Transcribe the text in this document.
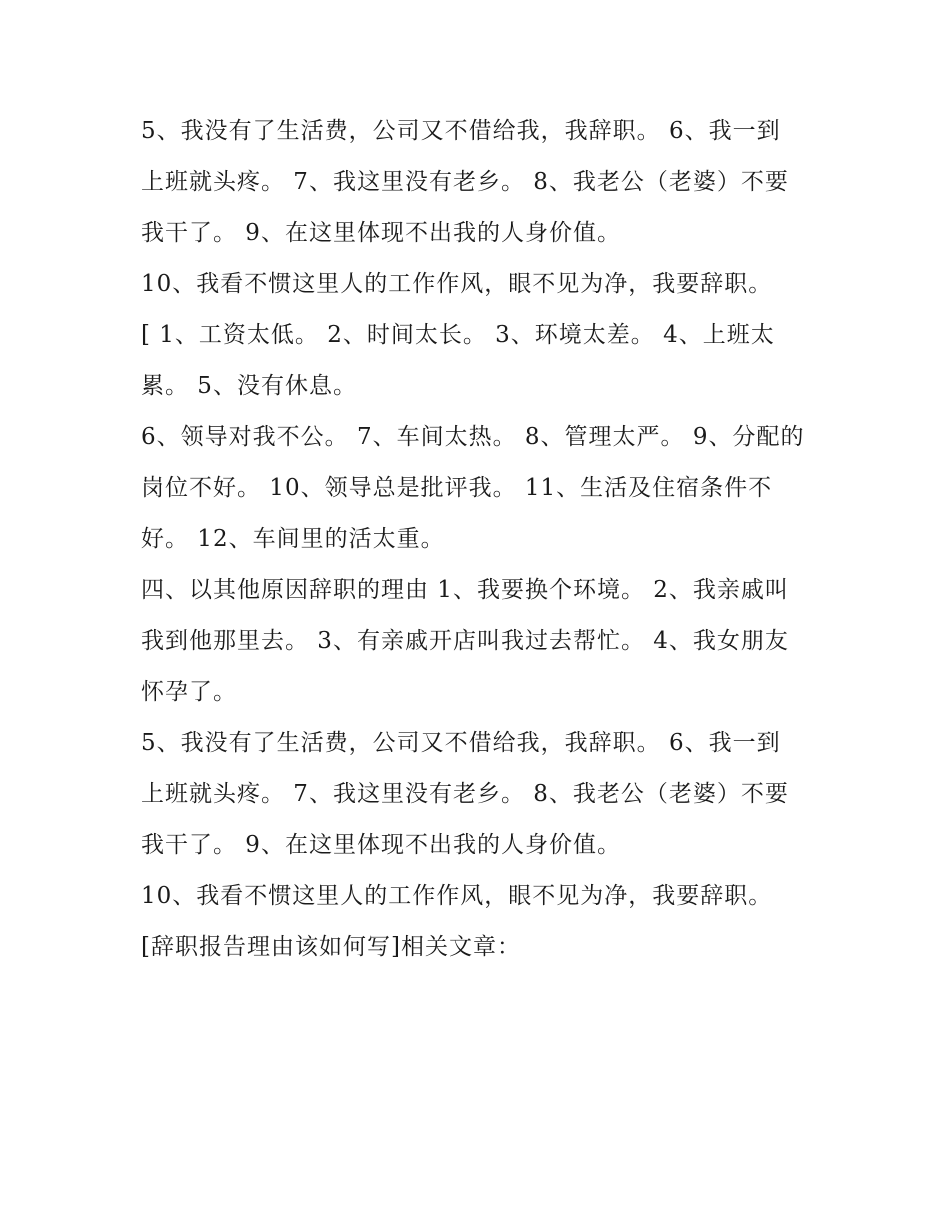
5、我没有了生活费，公司又不借给我，我辞职。 6、我一到
上班就头疼。 7、我这里没有老乡。 8、我老公（老婆）不要
我干了。 9、在这里体现不出我的人身价值。
10、我看不惯这里人的工作作风，眼不见为净，我要辞职。
[ 1、工资太低。 2、时间太长。 3、环境太差。 4、上班太
累。 5、没有休息。
6、领导对我不公。 7、车间太热。 8、管理太严。 9、分配的
岗位不好。 10、领导总是批评我。 11、生活及住宿条件不
好。 12、车间里的活太重。
四、以其他原因辞职的理由 1、我要换个环境。 2、我亲戚叫
我到他那里去。 3、有亲戚开店叫我过去帮忙。 4、我女朋友
怀孕了。
5、我没有了生活费，公司又不借给我，我辞职。 6、我一到
上班就头疼。 7、我这里没有老乡。 8、我老公（老婆）不要
我干了。 9、在这里体现不出我的人身价值。
10、我看不惯这里人的工作作风，眼不见为净，我要辞职。
[辞职报告理由该如何写]相关文章：
